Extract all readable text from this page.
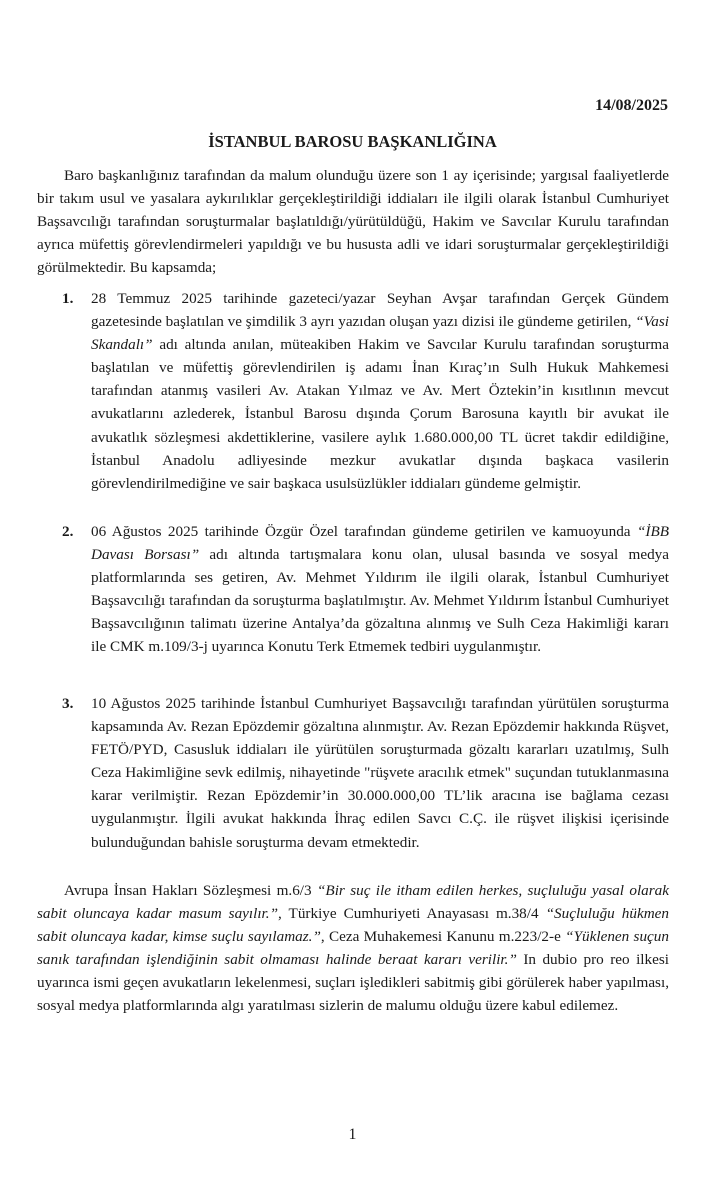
14/08/2025

İSTANBUL BAROSU BAŞKANLIĞINA

Baro başkanlığınız tarafından da malum olunduğu üzere son 1 ay içerisinde; yargısal faaliyetlerde bir takım usul ve yasalara aykırılıklar gerçekleştirildiği iddiaları ile ilgili olarak İstanbul Cumhuriyet Başsavcılığı tarafından soruşturmalar başlatıldığı/yürütüldüğü, Hakim ve Savcılar Kurulu tarafından ayrıca müfettiş görevlendirmeleri yapıldığı ve bu hususta adli ve idari soruşturmalar gerçekleştirildiği görülmektedir. Bu kapsamda;

1. 28 Temmuz 2025 tarihinde gazeteci/yazar Seyhan Avşar tarafından Gerçek Gündem gazetesinde başlatılan ve şimdilik 3 ayrı yazıdan oluşan yazı dizisi ile gündeme getirilen, “Vasi Skandalı” adı altında anılan, müteakiben Hakim ve Savcılar Kurulu tarafından soruşturma başlatılan ve müfettiş görevlendirilen iş adamı İnan Kıraç’ın Sulh Hukuk Mahkemesi tarafından atanmış vasileri Av. Atakan Yılmaz ve Av. Mert Öztekin’in kısıtlının mevcut avukatlarını azlederek, İstanbul Barosu dışında Çorum Barosuna kayıtlı bir avukat ile avukatlık sözleşmesi akdettiklerine, vasilere aylık 1.680.000,00 TL ücret takdir edildiğine, İstanbul Anadolu adliyesinde mezkur avukatlar dışında başkaca vasilerin görevlendirilmediğine ve sair başkaca usulsüzlükler iddiaları gündeme gelmiştir.

2. 06 Ağustos 2025 tarihinde Özgür Özel tarafından gündeme getirilen ve kamuoyunda “İBB Davası Borsası” adı altında tartışmalara konu olan, ulusal basında ve sosyal medya platformlarında ses getiren, Av. Mehmet Yıldırım ile ilgili olarak, İstanbul Cumhuriyet Başsavcılığı tarafından da soruşturma başlatılmıştır. Av. Mehmet Yıldırım İstanbul Cumhuriyet Başsavcılığının talimatı üzerine Antalya’da gözaltına alınmış ve Sulh Ceza Hakimliği kararı ile CMK m.109/3-j uyarınca Konutu Terk Etmemek tedbiri uygulanmıştır.

3. 10 Ağustos 2025 tarihinde İstanbul Cumhuriyet Başsavcılığı tarafından yürütülen soruşturma kapsamında Av. Rezan Epözdemir gözaltına alınmıştır. Av. Rezan Epözdemir hakkında Rüşvet, FETÖ/PYD, Casusluk iddiaları ile yürütülen soruşturmada gözaltı kararları uzatılmış, Sulh Ceza Hakimliğine sevk edilmiş, nihayetinde "rüşvete aracılık etmek" suçundan tutuklanmasına karar verilmiştir. Rezan Epözdemir’in 30.000.000,00 TL’lik aracına ise bağlama cezası uygulanmıştır. İlgili avukat hakkında İhraç edilen Savcı C.Ç. ile rüşvet ilişkisi içerisinde bulunduğundan bahisle soruşturma devam etmektedir.

Avrupa İnsan Hakları Sözleşmesi m.6/3 “Bir suç ile itham edilen herkes, suçluluğu yasal olarak sabit oluncaya kadar masum sayılır.”, Türkiye Cumhuriyeti Anayasası m.38/4 “Suçluluğu hükmen sabit oluncaya kadar, kimse suçlu sayılamaz.”, Ceza Muhakemesi Kanunu m.223/2-e “Yüklenen suçun sanık tarafından işlendiğinin sabit olmaması halinde beraat kararı verilir.” In dubio pro reo ilkesi uyarınca ismi geçen avukatların lekelenmesi, suçları işledikleri sabitmiş gibi görülerek haber yapılması, sosyal medya platformlarında algı yaratılması sizlerin de malumu olduğu üzere kabul edilemez.

1
